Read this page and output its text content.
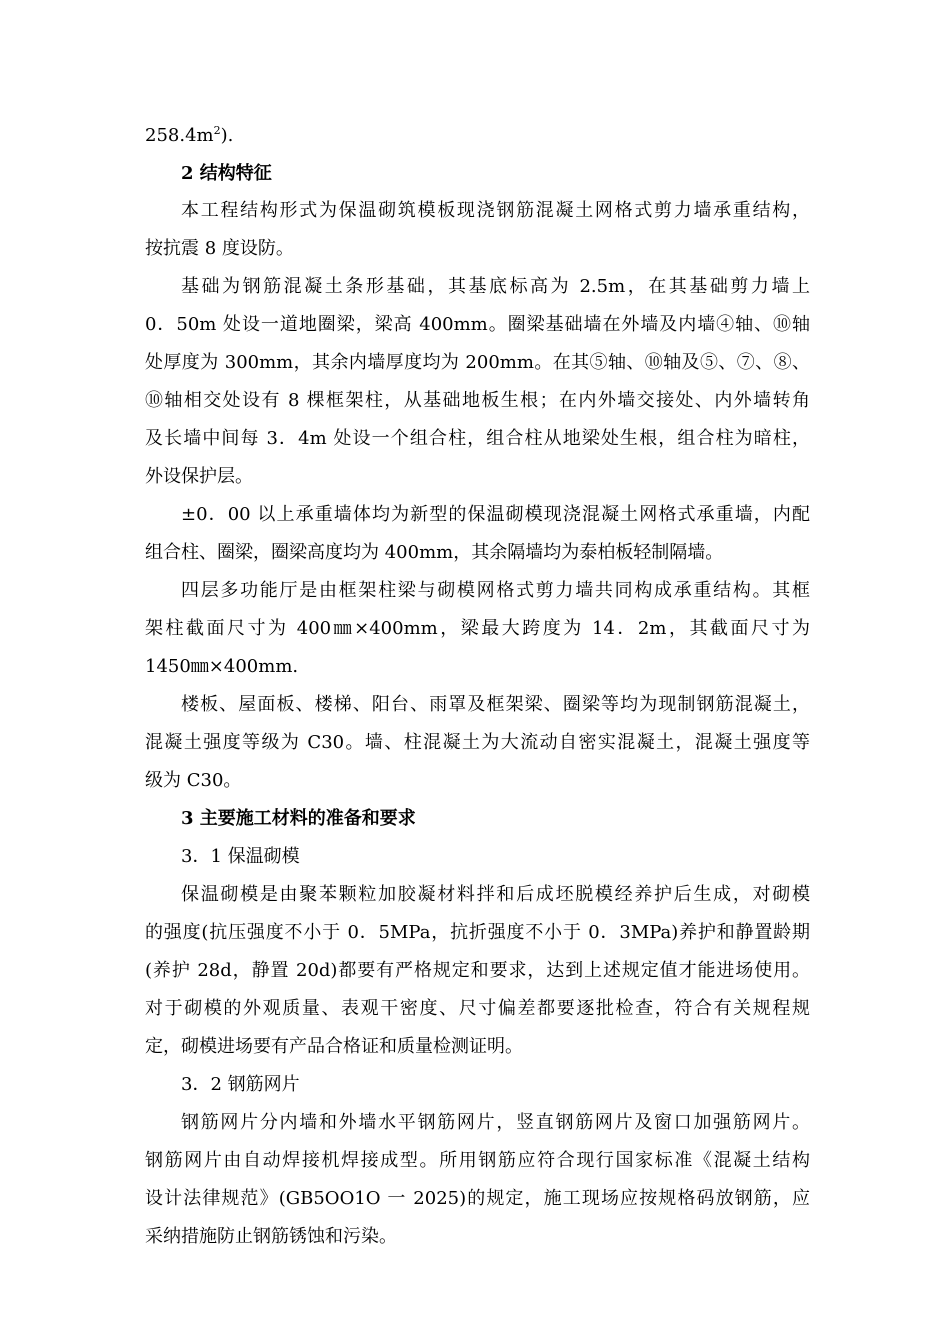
$258.4m^2$).
2 结构特征
本工程结构形式为保温砌筑模板现浇钢筋混凝土网格式剪力墙承重结构，
按抗震 8 度设防。
基础为钢筋混凝土条形基础，其基底标高为 2.5m，在其基础剪力墙上
0．50m 处设一道地圈梁，梁高 400mm。圈梁基础墙在外墙及内墙④轴、⑩轴
处厚度为 300mm，其余内墙厚度均为 200mm。在其⑤轴、⑩轴及⑤、⑦、⑧、
⑩轴相交处设有 8 棵框架柱，从基础地板生根；在内外墙交接处、内外墙转角
及长墙中间每 3．4m 处设一个组合柱，组合柱从地梁处生根，组合柱为暗柱，
外设保护层。
±0．00 以上承重墙体均为新型的保温砌模现浇混凝土网格式承重墙，内配
组合柱、圈梁，圈梁高度均为 400mm，其余隔墙均为泰柏板轻制隔墙。
四层多功能厅是由框架柱梁与砌模网格式剪力墙共同构成承重结构。其框
架柱截面尺寸为 400㎜×400mm，梁最大跨度为 14．2m，其截面尺寸为
1450㎜×400mm.
楼板、屋面板、楼梯、阳台、雨罩及框架梁、圈梁等均为现制钢筋混凝土，
混凝土强度等级为 C30。墙、柱混凝土为大流动自密实混凝土，混凝土强度等
级为 C30。
3 主要施工材料的准备和要求
3．1 保温砌模
保温砌模是由聚苯颗粒加胶凝材料拌和后成坯脱模经养护后生成，对砌模
的强度(抗压强度不小于 0．5MPa，抗折强度不小于 0．3MPa)养护和静置龄期
(养护 28d，静置 20d)都要有严格规定和要求，达到上述规定值才能进场使用。
对于砌模的外观质量、表观干密度、尺寸偏差都要逐批检查，符合有关规程规
定，砌模进场要有产品合格证和质量检测证明。
3．2 钢筋网片
钢筋网片分内墙和外墙水平钢筋网片，竖直钢筋网片及窗口加强筋网片。
钢筋网片由自动焊接机焊接成型。所用钢筋应符合现行国家标准《混凝土结构
设计法律规范》(GB5OO1O 一 2025)的规定，施工现场应按规格码放钢筋，应
采纳措施防止钢筋锈蚀和污染。
